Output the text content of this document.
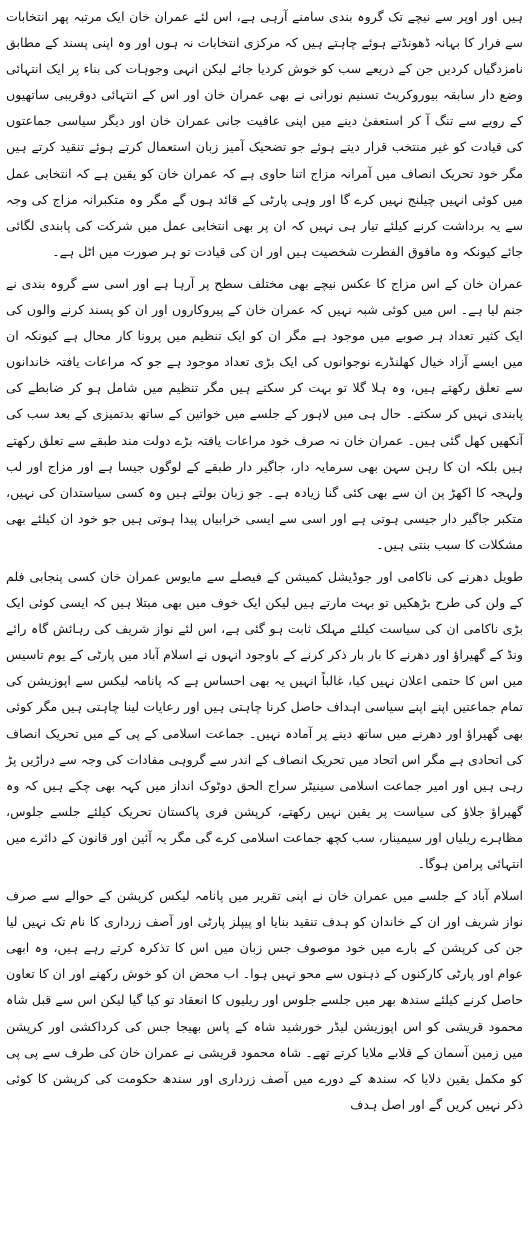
ہیں اور اوپر سے نیچے تک گروہ بندی سامنے آرہی ہے، اس لئے عمران خان ایک مرتبہ پھر انتخابات سے فرار کا بہانہ ڈھونڈتے ہوئے چاہتے ہیں کہ مرکزی انتخابات نہ ہوں اور وہ اپنی پسند کے مطابق نامزدگیاں کردیں جن کے ذریعے سب کو خوش کردیا جائے لیکن انہی وجوہات کی بناء پر ایک انتہائی وضع دار سابقہ بیوروکریٹ تسنیم نورانی نے بھی عمران خان اور اس کے انتہائی دوقریبی ساتھیوں کے رویے سے تنگ آ کر استعفیٰ دینے میں اپنی عافیت جانی عمران خان اور دیگر سیاسی جماعتوں کی قیادت کو غیر منتخب قرار دیتے ہوئے جو تضحیک آمیز زبان استعمال کرتے ہوئے تنقید کرتے ہیں مگر خود تحریک انصاف میں آمرانہ مزاج اتنا حاوی ہے کہ عمران خان کو یقین ہے کہ انتخابی عمل میں کوئی انہیں چیلنج نہیں کرے گا اور وہی پارٹی کے قائد ہوں گے مگر وہ متکبرانہ مزاج کی وجہ سے یہ برداشت کرنے کیلئے تیار ہی نہیں کہ ان پر بھی انتخابی عمل میں شرکت کی پابندی لگائی جائے کیونکہ وہ مافوق الفطرت شخصیت ہیں اور ان کی قیادت تو ہر صورت میں اٹل ہے۔

عمران خان کے اس مزاج کا عکس نیچے بھی مختلف سطح پر آرہا ہے اور اسی سے گروہ بندی نے جنم لیا ہے۔ اس میں کوئی شبہ نہیں کہ عمران خان کے پیروکاروں اور ان کو پسند کرنے والوں کی ایک کثیر تعداد ہر صوبے میں موجود ہے مگر ان کو ایک تنظیم میں پرونا کار محال ہے کیونکہ ان میں ایسے آزاد خیال کھلنڈرے نوجوانوں کی ایک بڑی تعداد موجود ہے جو کہ مراعات یافتہ خاندانوں سے تعلق رکھتے ہیں، وہ ہلا گلا تو بہت کر سکتے ہیں مگر تنظیم میں شامل ہو کر ضابطے کی پابندی نہیں کر سکتے۔ حال ہی میں لاہور کے جلسے میں خواتین کے ساتھ بدتمیزی کے بعد سب کی آنکھیں کھل گئی ہیں۔ عمران خان نہ صرف خود مراعات یافتہ بڑے دولت مند طبقے سے تعلق رکھتے ہیں بلکہ ان کا رہن سہن بھی سرمایہ دار، جاگیر دار طبقے کے لوگوں جیسا ہے اور مزاج اور لب ولہجہ کا اکھڑ پن ان سے بھی کئی گنا زیادہ ہے۔ جو زبان بولتے ہیں وہ کسی سیاستدان کی نہیں، متکبر جاگیر دار جیسی ہوتی ہے اور اسی سے ایسی خرابیاں پیدا ہوتی ہیں جو خود ان کیلئے بھی مشکلات کا سبب بنتی ہیں۔

طویل دھرنے کی ناکامی اور جوڈیشل کمیشن کے فیصلے سے مایوس عمران خان کسی پنجابی فلم کے ولن کی طرح بڑھکیں تو بہت مارتے ہیں لیکن ایک خوف میں بھی مبتلا ہیں کہ ایسی کوئی ایک بڑی ناکامی ان کی سیاست کیلئے مہلک ثابت ہو گئی ہے، اس لئے نواز شریف کی رہائش گاہ رائے ونڈ کے گھیراؤ اور دھرنے کا بار بار ذکر کرنے کے باوجود انہوں نے اسلام آباد میں پارٹی کے یوم تاسیس میں اس کا حتمی اعلان نہیں کیا، غالباً انہیں یہ بھی احساس ہے کہ پانامہ لیکس سے اپوزیشن کی تمام جماعتیں اپنے اپنے سیاسی اہداف حاصل کرنا چاہتی ہیں اور رعایات لینا چاہتی ہیں مگر کوئی بھی گھیراؤ اور دھرنے میں ساتھ دینے پر آمادہ نہیں۔ جماعت اسلامی کے پی کے میں تحریک انصاف کی اتحادی ہے مگر اس اتحاد میں تحریک انصاف کے اندر سے گروہی مفادات کی وجہ سے دراڑیں پڑ رہی ہیں اور امیر جماعت اسلامی سینیٹر سراج الحق دوٹوک انداز میں کہہ بھی چکے ہیں کہ وہ گھیراؤ جلاؤ کی سیاست پر یقین نہیں رکھتے، کرپشن فری پاکستان تحریک کیلئے جلسے جلوس، مظاہرے ریلیاں اور سیمینار، سب کچھ جماعت اسلامی کرے گی مگر یہ آئین اور قانون کے دائرے میں انتہائی پرامن ہوگا۔

اسلام آباد کے جلسے میں عمران خان نے اپنی تقریر میں پانامہ لیکس کرپشن کے حوالے سے صرف نواز شریف اور ان کے خاندان کو ہدف تنقید بنایا او پیپلز پارٹی اور آصف زرداری کا نام تک نہیں لیا جن کی کرپشن کے بارے میں خود موصوف جس زبان میں اس کا تذکرہ کرتے رہے ہیں، وہ ابھی عوام اور پارٹی کارکنوں کے ذہنوں سے محو نہیں ہوا۔ اب محض ان کو خوش رکھنے اور ان کا تعاون حاصل کرنے کیلئے سندھ بھر میں جلسے جلوس اور ریلیوں کا انعقاد تو کیا گیا لیکن اس سے قبل شاہ محمود قریشی کو اس اپوزیشن لیڈر خورشید شاہ کے پاس بھیجا جس کی کرداکشی اور کرپشن میں زمین آسمان کے قلابے ملایا کرتے تھے۔ شاہ محمود قریشی نے عمران خان کی طرف سے پی پی کو مکمل یقین دلایا کہ سندھ کے دورے میں آصف زرداری اور سندھ حکومت کی کرپشن کا کوئی ذکر نہیں کریں گے اور اصل ہدف
